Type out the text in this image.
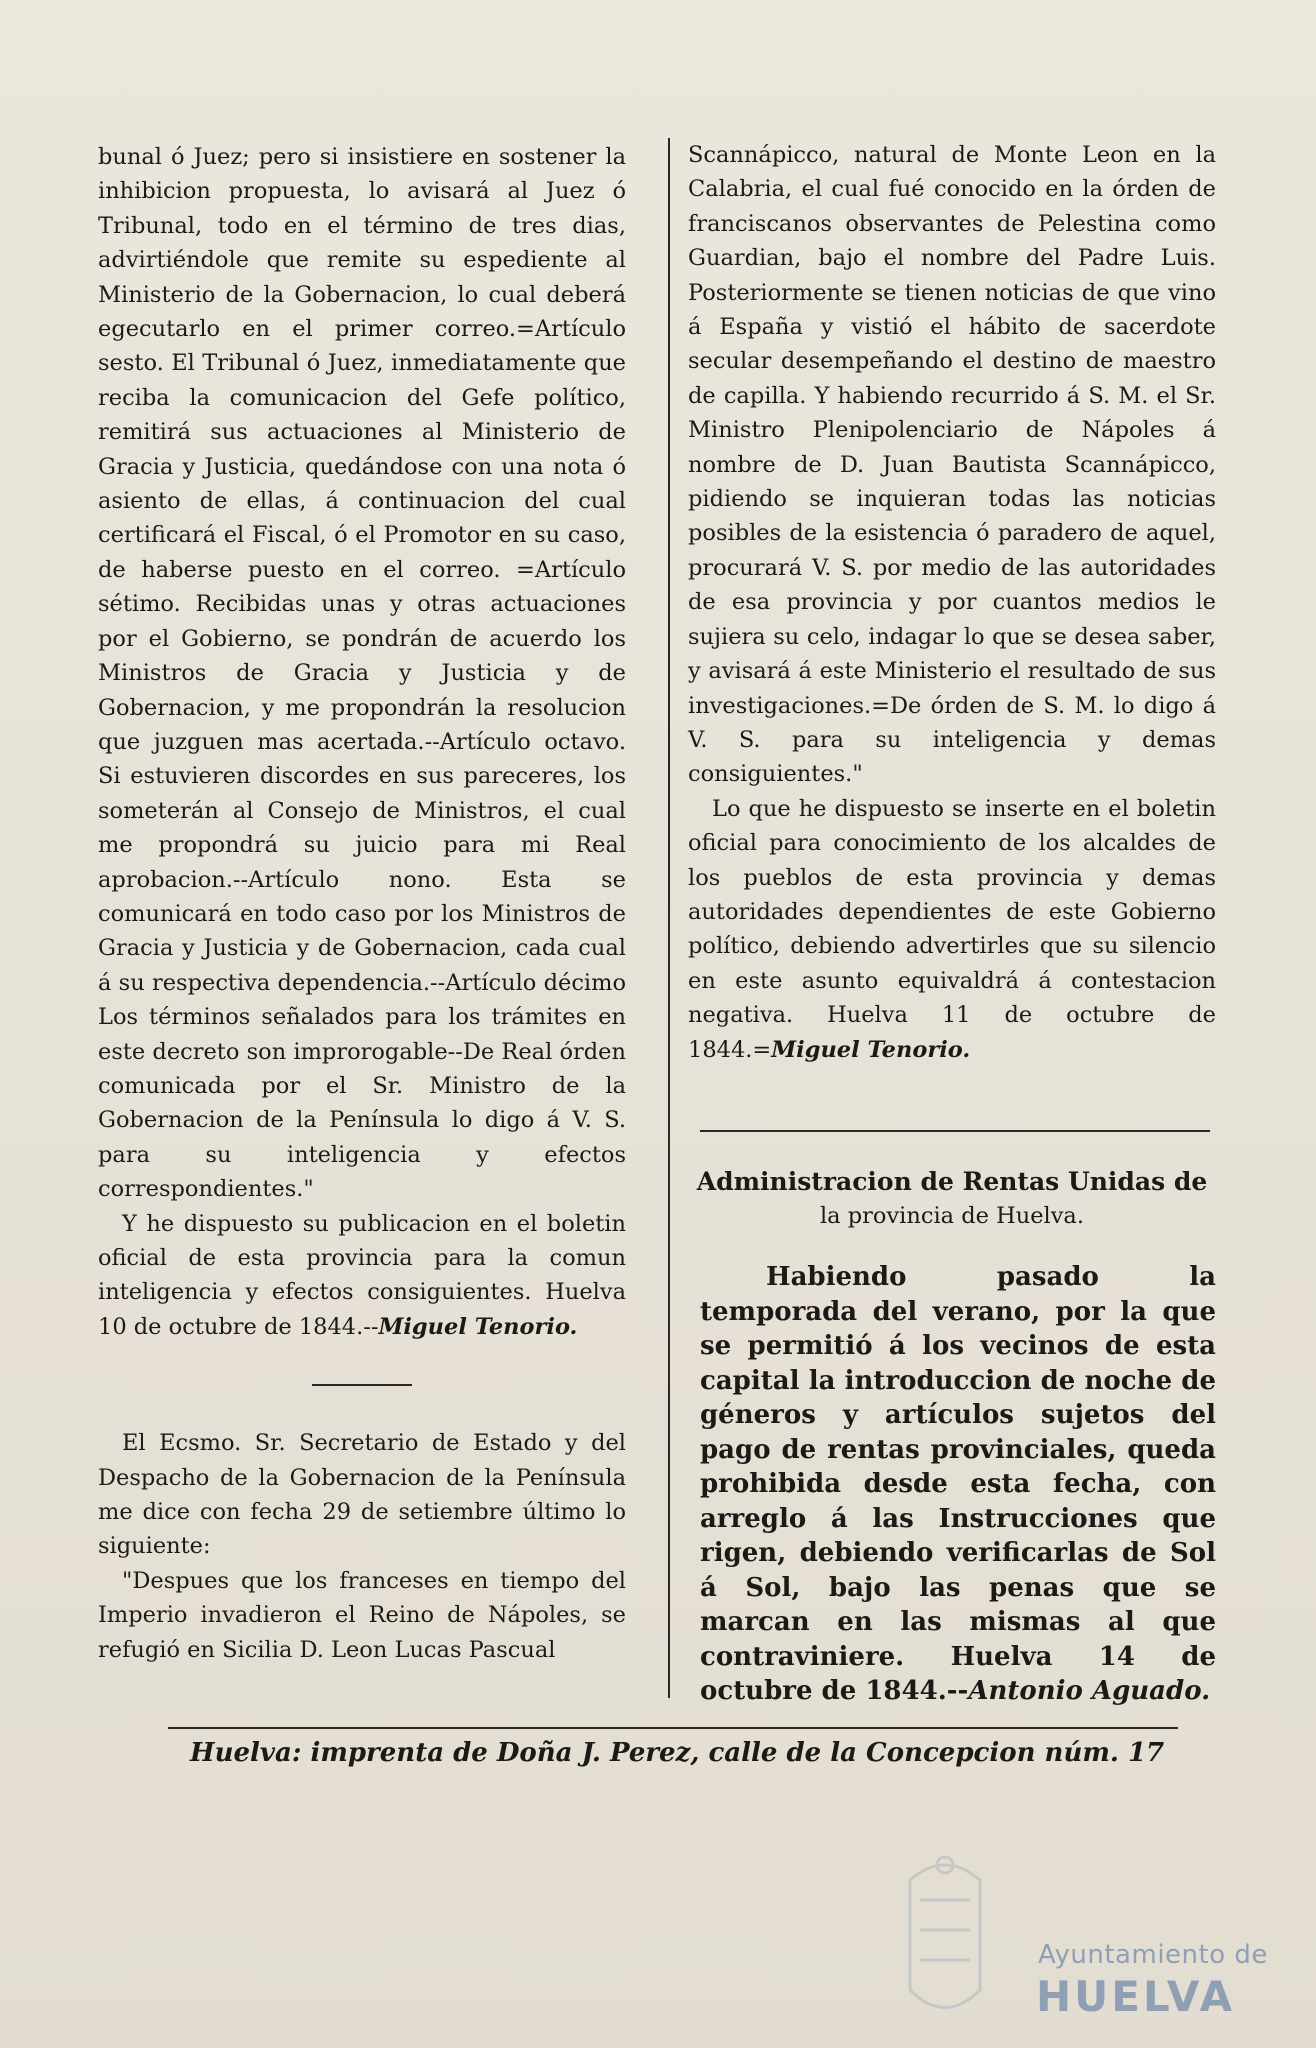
bunal ó Juez; pero si insistiere en sostener la inhibicion propuesta, lo avisará al Juez ó Tribunal, todo en el término de tres dias, advirtiéndole que remite su espediente al Ministerio de la Gobernacion, lo cual deberá egecutarlo en el primer correo.=Artículo sesto. El Tribunal ó Juez, inmediatamente que reciba la comunicacion del Gefe político, remitirá sus actuaciones al Ministerio de Gracia y Justicia, quedándose con una nota ó asiento de ellas, á continuacion del cual certificará el Fiscal, ó el Promotor en su caso, de haberse puesto en el correo. =Artículo sétimo. Recibidas unas y otras actuaciones por el Gobierno, se pondrán de acuerdo los Ministros de Gracia y Justicia y de Gobernacion, y me propondrán la resolucion que juzguen mas acertada.--Artículo octavo. Si estuvieren discordes en sus pareceres, los someterán al Consejo de Ministros, el cual me propondrá su juicio para mi Real aprobacion.--Artículo nono. Esta se comunicará en todo caso por los Ministros de Gracia y Justicia y de Gobernacion, cada cual á su respectiva dependencia.--Artículo décimo Los términos señalados para los trámites en este decreto son improrogable--De Real órden comunicada por el Sr. Ministro de la Gobernacion de la Península lo digo á V. S. para su inteligencia y efectos correspondientes."

Y he dispuesto su publicacion en el boletin oficial de esta provincia para la comun inteligencia y efectos consiguientes. Huelva 10 de octubre de 1844.--Miguel Tenorio.

El Ecsmo. Sr. Secretario de Estado y del Despacho de la Gobernacion de la Península me dice con fecha 29 de setiembre último lo siguiente:

"Despues que los franceses en tiempo del Imperio invadieron el Reino de Nápoles, se refugió en Sicilia D. Leon Lucas Pascual

Scannápicco, natural de Monte Leon en la Calabria, el cual fué conocido en la órden de franciscanos observantes de Pelestina como Guardian, bajo el nombre del Padre Luis. Posteriormente se tienen noticias de que vino á España y vistió el hábito de sacerdote secular desempeñando el destino de maestro de capilla. Y habiendo recurrido á S. M. el Sr. Ministro Plenipolenciario de Nápoles á nombre de D. Juan Bautista Scannápicco, pidiendo se inquieran todas las noticias posibles de la esistencia ó paradero de aquel, procurará V. S. por medio de las autoridades de esa provincia y por cuantos medios le sujiera su celo, indagar lo que se desea saber, y avisará á este Ministerio el resultado de sus investigaciones.=De órden de S. M. lo digo á V. S. para su inteligencia y demas consiguientes."

Lo que he dispuesto se inserte en el boletin oficial para conocimiento de los alcaldes de los pueblos de esta provincia y demas autoridades dependientes de este Gobierno político, debiendo advertirles que su silencio en este asunto equivaldrá á contestacion negativa. Huelva 11 de octubre de 1844.=Miguel Tenorio.

Administracion de Rentas Unidas de
la provincia de Huelva.

Habiendo pasado la temporada del verano, por la que se permitió á los vecinos de esta capital la introduccion de noche de géneros y artículos sujetos del pago de rentas provinciales, queda prohibida desde esta fecha, con arreglo á las Instrucciones que rigen, debiendo verificarlas de Sol á Sol, bajo las penas que se marcan en las mismas al que contraviniere. Huelva 14 de octubre de 1844.--Antonio Aguado.

Huelva: imprenta de Doña J. Perez, calle de la Concepcion núm. 17
Ayuntamiento de
HUELVA
